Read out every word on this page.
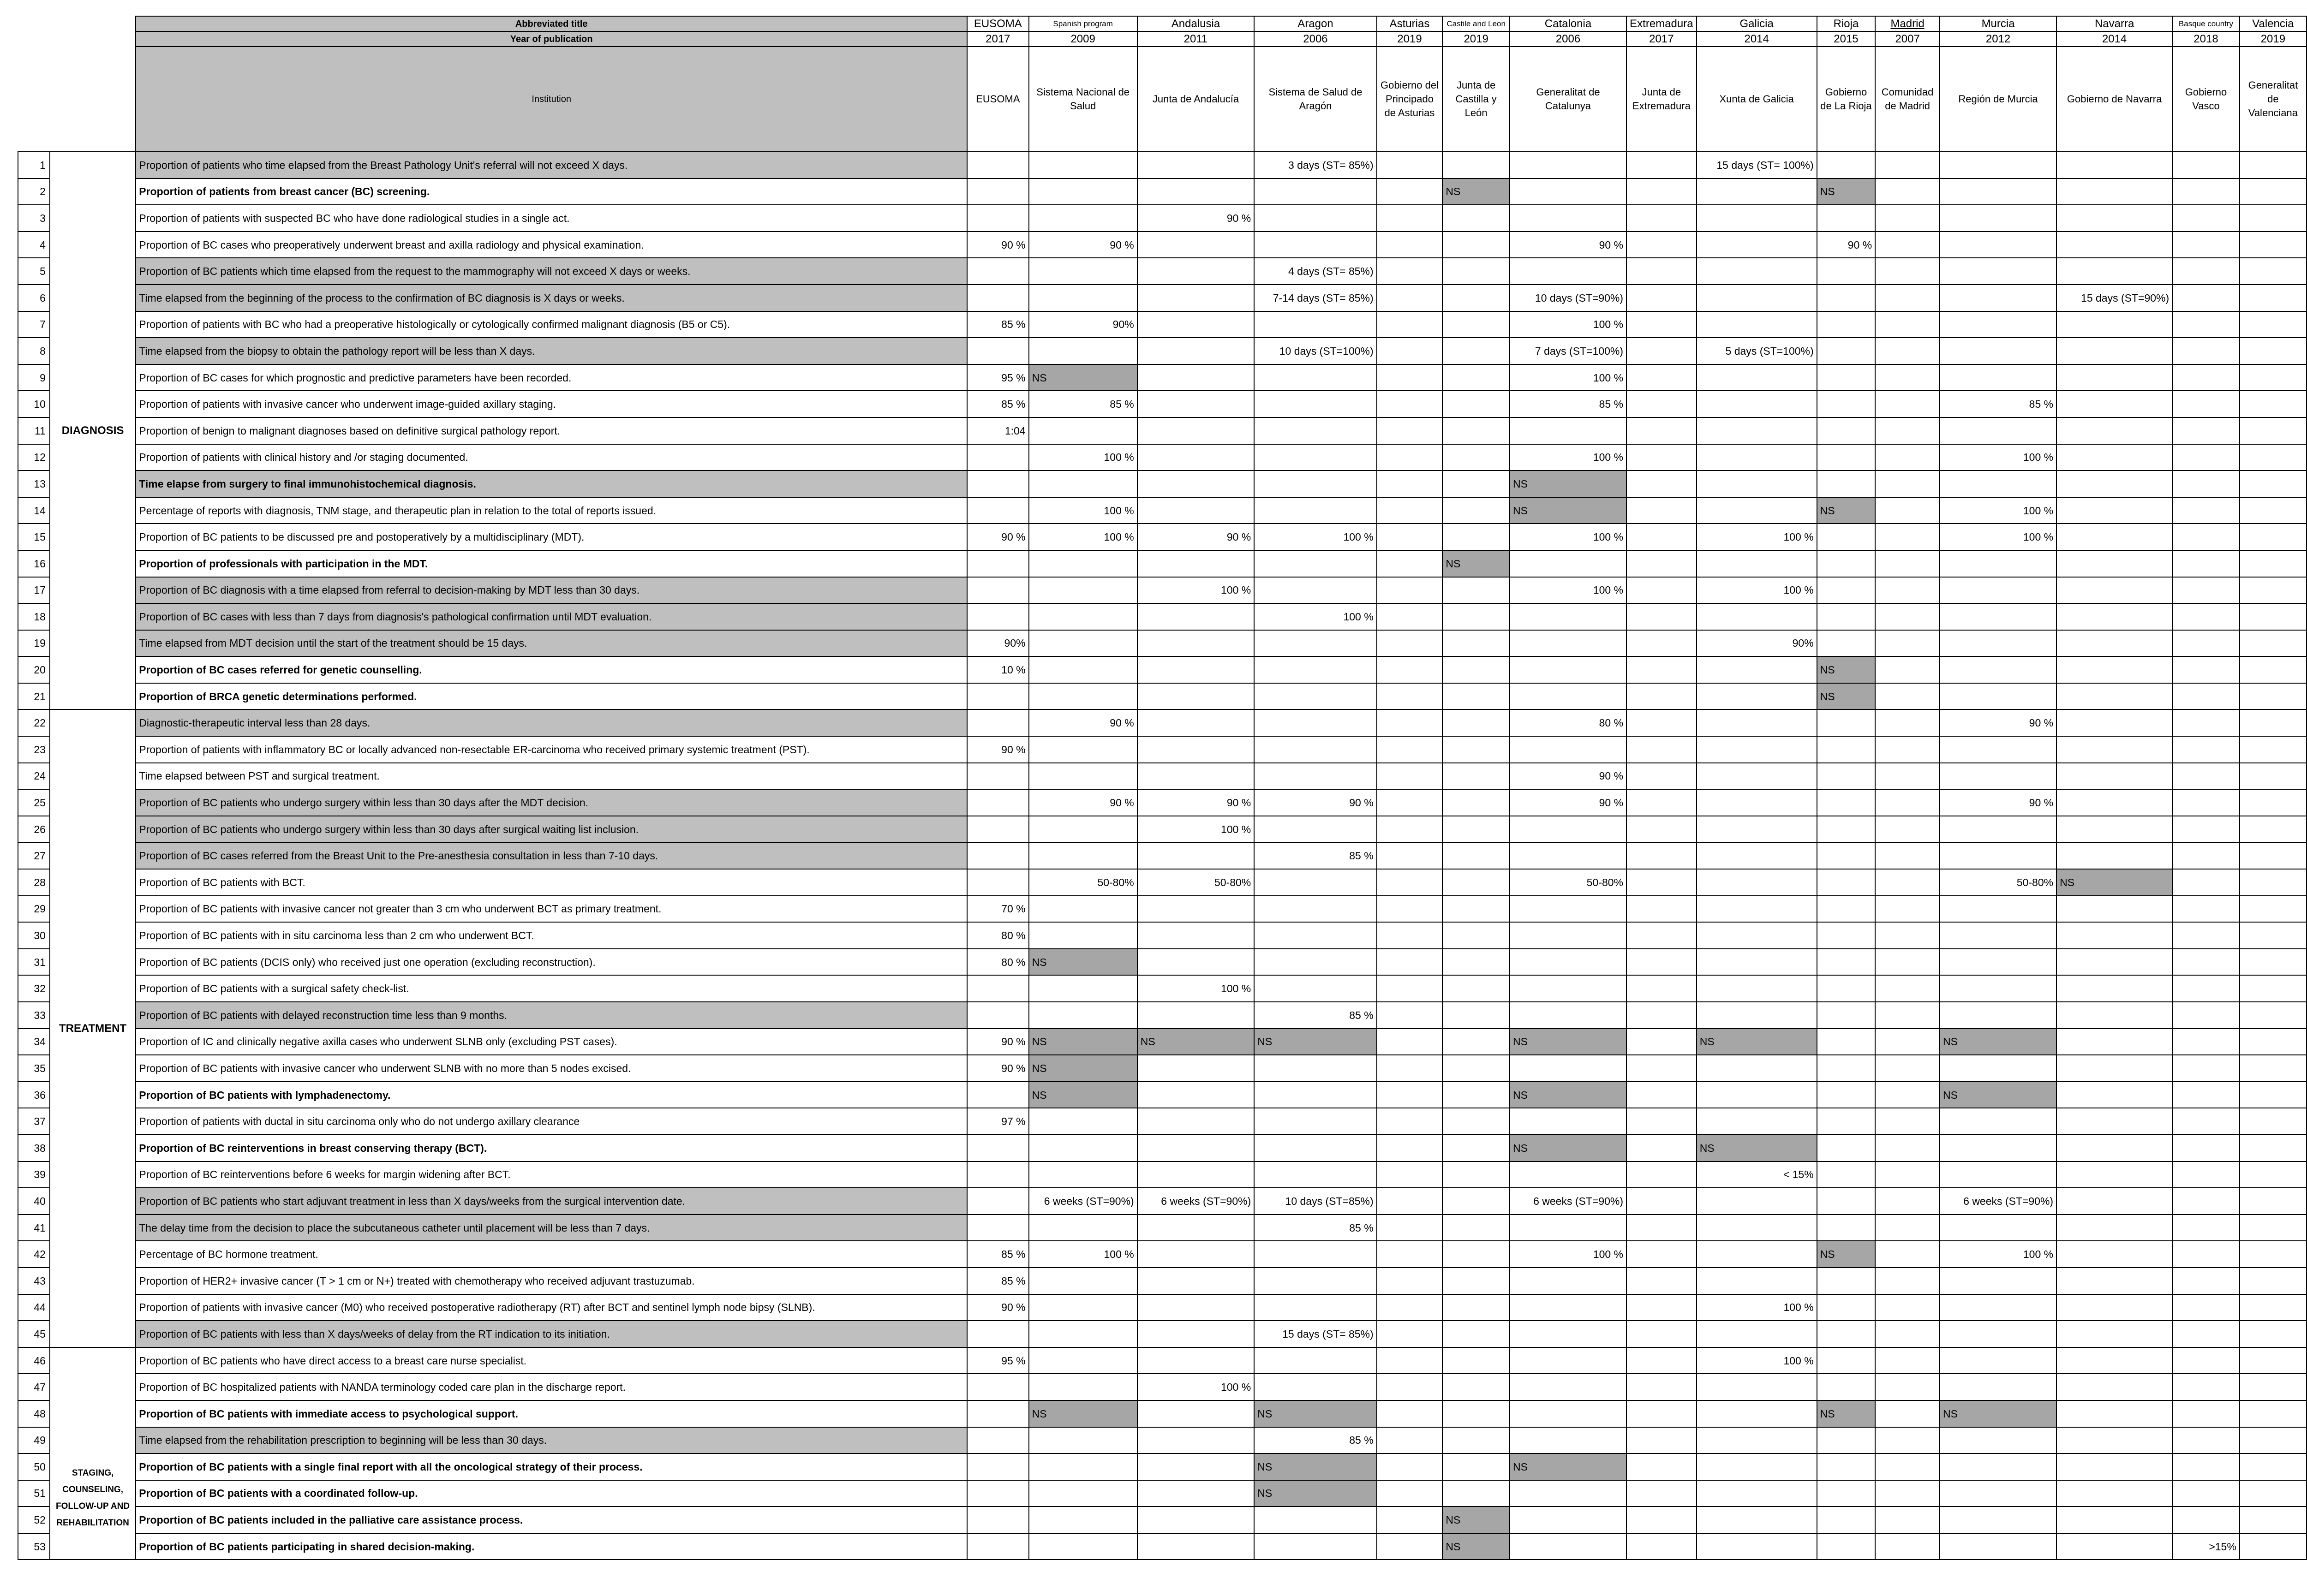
		Abbreviated title	EUSOMA	Spanish program	Andalusia	Aragon	Asturias	Castile and Leon	Catalonia	Extremadura	Galicia	Rioja	Madrid	Murcia	Navarra	Basque country	Valencia
		Year of publication	2017	2009	2011	2006	2019	2019	2006	2017	2014	2015	2007	2012	2014	2018	2019
		Institution	EUSOMA	Sistema Nacional de Salud	Junta de Andalucía	Sistema de Salud de Aragón	Gobierno del Principado de Asturias	Junta de Castilla y León	Generalitat de Catalunya	Junta de Extremadura	Xunta de Galicia	Gobierno de La Rioja	Comunidad de Madrid	Región de Murcia	Gobierno de Navarra	Gobierno Vasco	Generalitat de Valenciana
1	DIAGNOSIS	Proportion of patients who time elapsed from the Breast Pathology Unit's referral will not exceed X days.				3 days (ST= 85%)					15 days (ST= 100%)						
2		Proportion of patients from breast cancer (BC) screening.						NS				NS					
3		Proportion of patients with suspected BC who have done radiological studies in a single act.			90 %												
4		Proportion of BC cases who preoperatively underwent breast and axilla radiology and physical examination.	90 %	90 %					90 %			90 %					
5		Proportion of BC patients which time elapsed from the request to the mammography will not exceed X days or weeks.				4 days (ST= 85%)											
6		Time elapsed from the beginning of the process to the confirmation of BC diagnosis is X days or weeks.				7-14 days (ST= 85%)			10 days (ST=90%)						15 days (ST=90%)		
7		Proportion of patients with BC who had a preoperative histologically or cytologically confirmed malignant diagnosis (B5 or C5).	85 %	90%					100 %								
8		Time elapsed from the biopsy to obtain the pathology report will be less than X days.				10 days (ST=100%)			7 days (ST=100%)		5 days (ST=100%)						
9		Proportion of BC cases for which prognostic and predictive parameters have been recorded.	95 %	NS					100 %								
10		Proportion of patients with invasive cancer who underwent image-guided axillary staging.	85 %	85 %					85 %					85 %			
11		Proportion of benign to malignant diagnoses based on definitive surgical pathology report.	1:04														
12		Proportion of patients with clinical history and /or staging documented.		100 %					100 %					100 %			
13		Time elapse from surgery to final immunohistochemical diagnosis.							NS								
14		Percentage of reports with diagnosis, TNM stage, and therapeutic plan in relation to the total of reports issued.		100 %					NS			NS		100 %			
15		Proportion of BC patients to be discussed pre and postoperatively by a multidisciplinary (MDT).	90 %	100 %	90 %	100 %			100 %		100 %			100 %			
16		Proportion of professionals with participation in the MDT.						NS									
17		Proportion of BC diagnosis with a time elapsed from referral to decision-making by MDT less than 30 days.			100 %				100 %		100 %						
18		Proportion of BC cases with less than 7 days from diagnosis's pathological confirmation until MDT evaluation.				100 %											
19		Time elapsed from MDT decision until the start of the treatment should be 15 days.	90%								90%						
20		Proportion of BC cases referred for genetic counselling.	10 %									NS					
21		Proportion of BRCA genetic determinations performed.										NS					
22	TREATMENT	Diagnostic-therapeutic interval less than 28 days.		90 %					80 %					90 %			
23		Proportion of patients with inflammatory BC or locally advanced non-resectable ER-carcinoma who received primary systemic treatment (PST).	90 %														
24		Time elapsed between PST and surgical treatment.							90 %								
25		Proportion of BC patients who undergo surgery within less than 30 days after the MDT decision.		90 %	90 %	90 %			90 %					90 %			
26		Proportion of BC patients who undergo surgery within less than 30 days after surgical waiting list inclusion.			100 %												
27		Proportion of BC cases referred from the Breast Unit to the Pre-anesthesia consultation in less than 7-10 days.				85 %											
28		Proportion of BC patients with BCT.		50-80%	50-80%				50-80%					50-80%	NS		
29		Proportion of BC patients with invasive cancer not greater than 3 cm who underwent BCT as primary treatment.	70 %														
30		Proportion of BC patients with in situ carcinoma less than 2 cm who underwent BCT.	80 %														
31		Proportion of BC patients (DCIS only) who received just one operation (excluding reconstruction).	80 %	NS													
32		Proportion of BC patients with a surgical safety check-list.			100 %												
33		Proportion of BC patients with delayed reconstruction time less than 9 months.				85 %											
34		Proportion of IC and clinically negative axilla cases who underwent SLNB only (excluding PST cases).	90 %	NS	NS	NS			NS		NS			NS			
35		Proportion of BC patients with invasive cancer who underwent SLNB with no more than 5 nodes excised.	90 %	NS													
36		Proportion of BC patients with lymphadenectomy.		NS					NS					NS			
37		Proportion of patients with ductal in situ carcinoma only who do not undergo axillary clearance	97 %														
38		Proportion of BC reinterventions in breast conserving therapy (BCT).							NS		NS						
39		Proportion of BC reinterventions before 6 weeks for margin widening after BCT.									< 15%						
40		Proportion of BC patients who start adjuvant treatment in less than X days/weeks from the surgical intervention date.		6 weeks (ST=90%)	6 weeks (ST=90%)	10 days (ST=85%)			6 weeks (ST=90%)					6 weeks (ST=90%)			
41		The delay time from the decision to place the subcutaneous catheter until placement will be less than 7 days.				85 %											
42		Percentage of BC hormone treatment.	85 %	100 %					100 %			NS		100 %			
43		Proportion of HER2+ invasive cancer (T > 1 cm or N+) treated with chemotherapy who received adjuvant trastuzumab.	85 %														
44		Proportion of patients with invasive cancer (M0) who received postoperative radiotherapy (RT) after BCT and sentinel lymph node bipsy (SLNB).	90 %								100 %						
45		Proportion of BC patients with less than X days/weeks of delay from the RT indication to its initiation.				15 days (ST= 85%)											
46	STAGING, COUNSELING, FOLLOW-UP AND REHABILITATION	Proportion of BC patients who have direct access to a breast care nurse specialist.	95 %								100 %						
47		Proportion of BC hospitalized patients with NANDA terminology coded care plan in the discharge report.			100 %												
48		Proportion of BC patients with immediate access to psychological support.		NS		NS						NS		NS			
49		Time elapsed from the rehabilitation prescription to beginning will be less than 30 days.				85 %											
50		Proportion of BC patients with a single final report with all the oncological strategy of their process.				NS			NS								
51		Proportion of BC patients with a coordinated follow-up.				NS											
52		Proportion of BC patients included in the palliative care assistance process.						NS									
53		Proportion of BC patients participating in shared decision-making.						NS								>15%	
